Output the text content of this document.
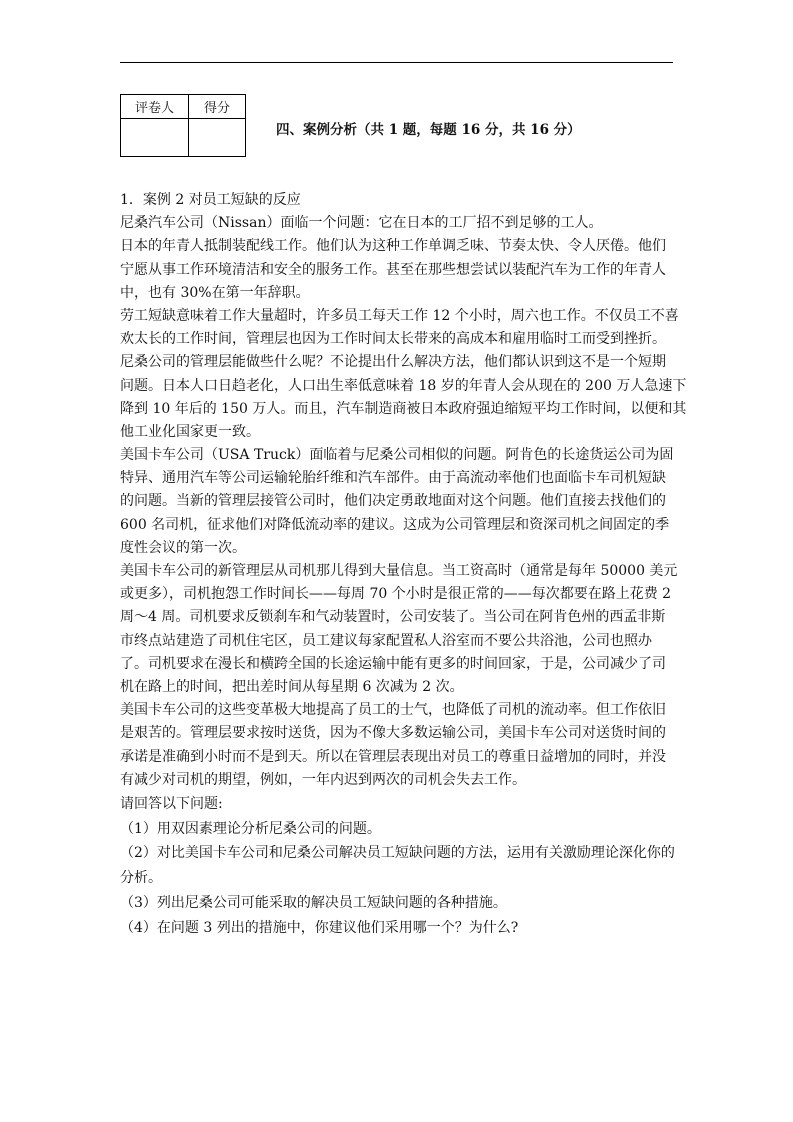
评卷人	得分

四、案例分析（共 1 题，每题 16 分，共 16 分）
1．案例 2 对员工短缺的反应
尼桑汽车公司（Nissan）面临一个问题：它在日本的工厂招不到足够的工人。
日本的年青人抵制装配线工作。他们认为这种工作单调乏味、节奏太快、令人厌倦。他们
宁愿从事工作环境清洁和安全的服务工作。甚至在那些想尝试以装配汽车为工作的年青人
中，也有 30%在第一年辞职。
劳工短缺意味着工作大量超时，许多员工每天工作 12 个小时，周六也工作。不仅员工不喜
欢太长的工作时间，管理层也因为工作时间太长带来的高成本和雇用临时工而受到挫折。
尼桑公司的管理层能做些什么呢？不论提出什么解决方法，他们都认识到这不是一个短期
问题。日本人口日趋老化，人口出生率低意味着 18 岁的年青人会从现在的 200 万人急速下
降到 10 年后的 150 万人。而且，汽车制造商被日本政府强迫缩短平均工作时间，以便和其
他工业化国家更一致。
美国卡车公司（USA Truck）面临着与尼桑公司相似的问题。阿肯色的长途货运公司为固
特异、通用汽车等公司运输轮胎纤维和汽车部件。由于高流动率他们也面临卡车司机短缺
的问题。当新的管理层接管公司时，他们决定勇敢地面对这个问题。他们直接去找他们的
600 名司机，征求他们对降低流动率的建议。这成为公司管理层和资深司机之间固定的季
度性会议的第一次。
美国卡车公司的新管理层从司机那儿得到大量信息。当工资高时（通常是每年 50000 美元
或更多），司机抱怨工作时间长——每周 70 个小时是很正常的——每次都要在路上花费 2
周～4 周。司机要求反锁刹车和气动装置时，公司安装了。当公司在阿肯色州的西孟非斯
市终点站建造了司机住宅区，员工建议每家配置私人浴室而不要公共浴池，公司也照办
了。司机要求在漫长和横跨全国的长途运输中能有更多的时间回家，于是，公司减少了司
机在路上的时间，把出差时间从每星期 6 次减为 2 次。
美国卡车公司的这些变革极大地提高了员工的士气，也降低了司机的流动率。但工作依旧
是艰苦的。管理层要求按时送货，因为不像大多数运输公司，美国卡车公司对送货时间的
承诺是准确到小时而不是到天。所以在管理层表现出对员工的尊重日益增加的同时，并没
有减少对司机的期望，例如，一年内迟到两次的司机会失去工作。
请回答以下问题:
（1）用双因素理论分析尼桑公司的问题。
（2）对比美国卡车公司和尼桑公司解决员工短缺问题的方法，运用有关激励理论深化你的
分析。
（3）列出尼桑公司可能采取的解决员工短缺问题的各种措施。
（4）在问题 3 列出的措施中，你建议他们采用哪一个？为什么?
